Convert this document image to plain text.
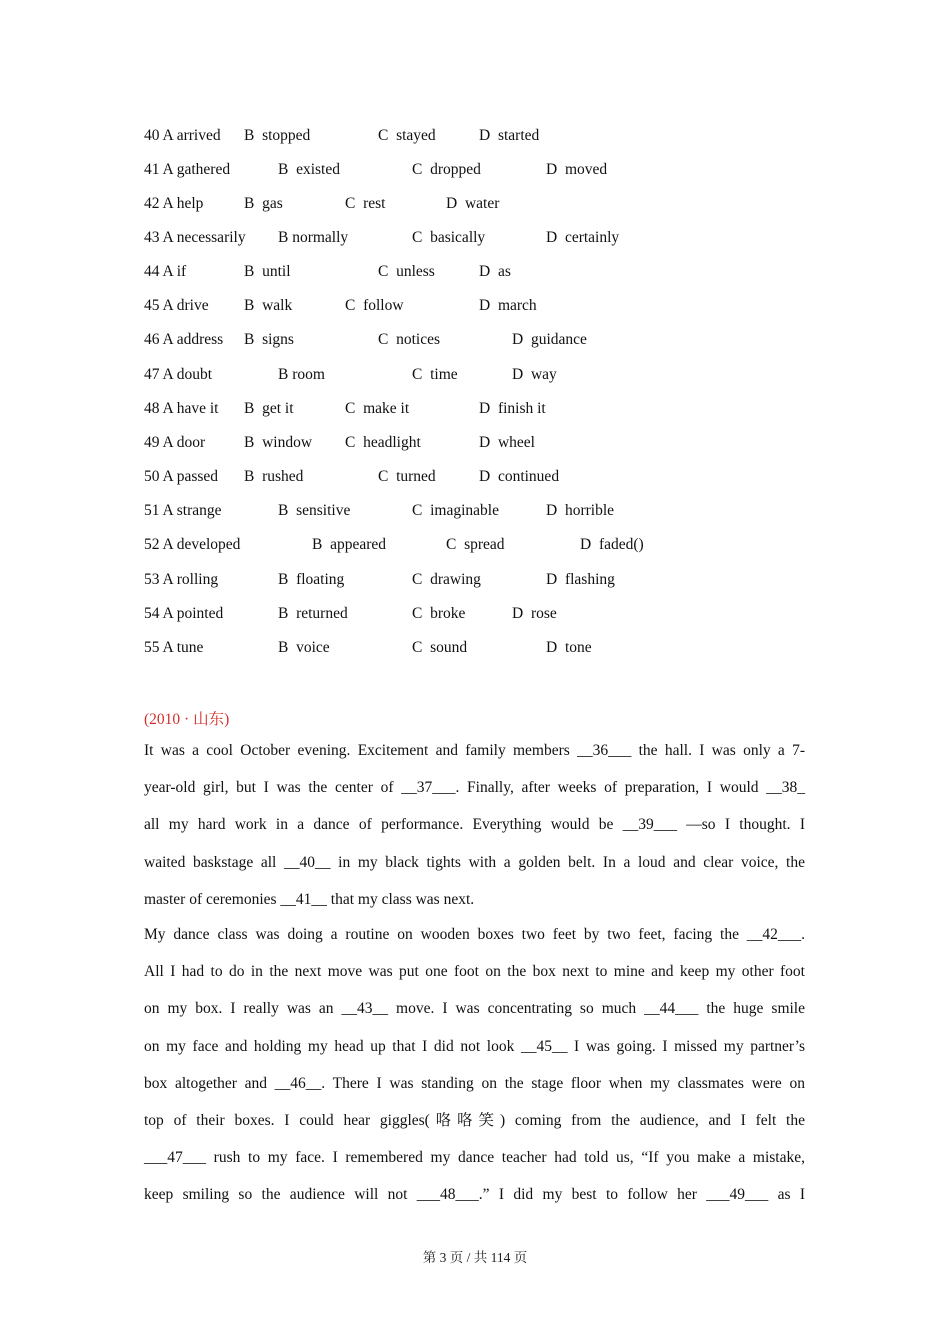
40 A arrived

B  stopped

	C  stayed

	D  started

41 A gathered

	B  existed

	C  dropped

	D  moved

42 A help

	B  gas

	C  rest

	D  water

43 A necessarily

B normally

	C  basically

	D  certainly

44 A if

	B  until

	C  unless

	D  as

45 A drive

B  walk

	C  follow

	D  march

46 A address

B  signs

	C  notices

	D  guidance

47 A doubt

	B room

	C  time

	D  way

48 A have it

B  get it

	C  make it

	D  finish it

49 A door

	B  window

C  headlight

	D  wheel

50 A passed

B  rushed

	C  turned

	D  continued

51 A strange

	B  sensitive

	C  imaginable

	D  horrible

52 A developed

	B  appeared

	C  spread

	D  faded()

53 A rolling

	B  floating

	C  drawing

	D  flashing

54 A pointed

	B  returned

	C  broke

	D  rose

55 A tune

	B  voice

	C  sound

	D  tone

(2010 · 山东)
It was a cool October evening. Excitement and family members __36___ the hall. I was only a 7-
year-old girl, but I was the center of __37___. Finally, after weeks of preparation, I would __38_
all my hard work in a dance of performance. Everything would be __39___ —so I thought. I
waited baskstage all __40__ in my black tights with a golden belt. In a loud and clear voice, the
master of ceremonies __41__ that my class was next.
My dance class was doing a routine on wooden boxes two feet by two feet, facing the __42___.
All I had to do in the next move was put one foot on the box next to mine and keep my other foot
on my box. I really was an __43__ move. I was concentrating so much __44___ the huge smile
on my face and holding my head up that I did not look __45__ I was going. I missed my partner’s
box altogether and __46__. There I was standing on the stage floor when my classmates were on
top of their boxes. I could hear giggles(咯咯笑) coming from the audience, and I felt the
___47___ rush to my face. I remembered my dance teacher had told us, “If you make a mistake,
keep smiling so the audience will not ___48___.” I did my best to follow her ___49___ as I
第 3 页 / 共 114 页
